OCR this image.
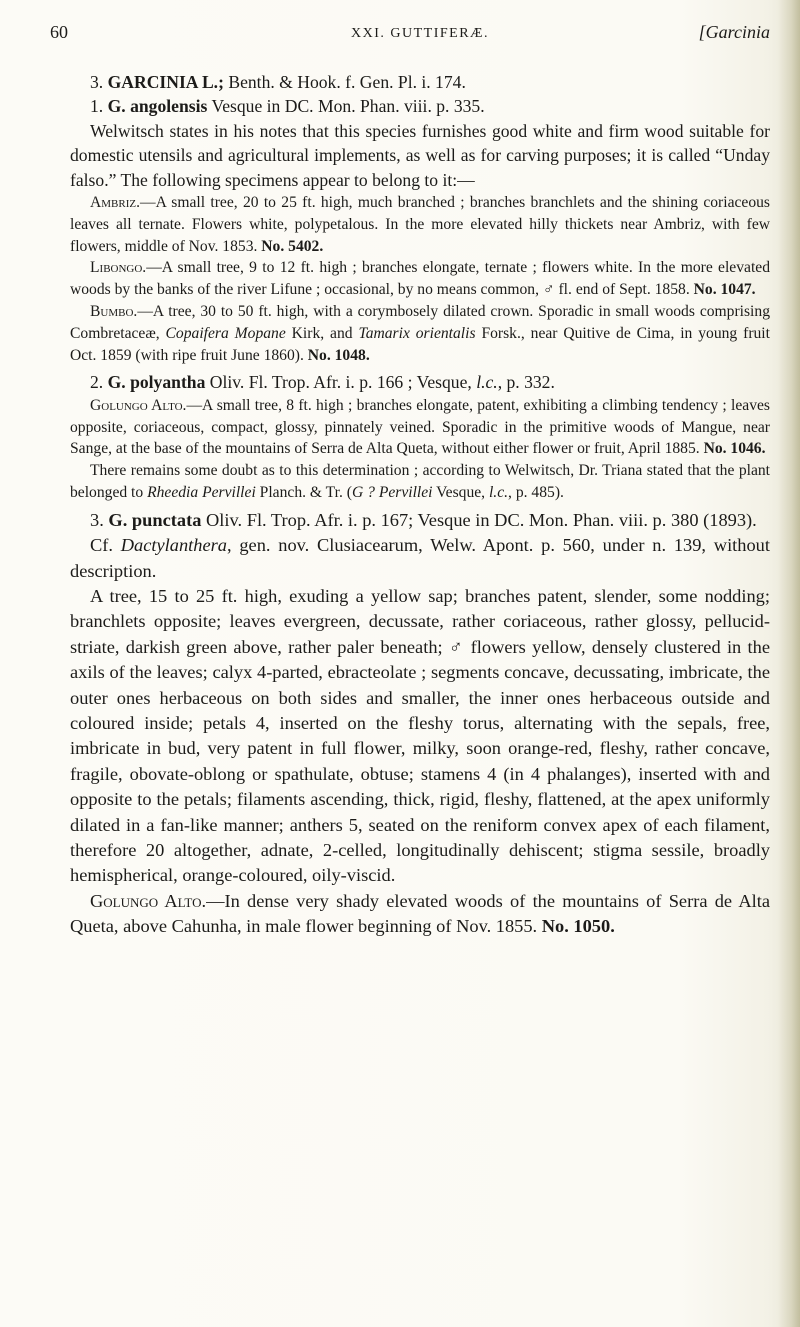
60	XXI. GUTTIFERÆ.	[Garcinia

3. GARCINIA L.; Benth. & Hook. f. Gen. Pl. i. 174.

1. G. angolensis Vesque in DC. Mon. Phan. viii. p. 335.

Welwitsch states in his notes that this species furnishes good white and firm wood suitable for domestic utensils and agricultural implements, as well as for carving purposes; it is called “Unday falso.” The following specimens appear to belong to it:—

Ambriz.—A small tree, 20 to 25 ft. high, much branched ; branches branchlets and the shining coriaceous leaves all ternate. Flowers white, polypetalous. In the more elevated hilly thickets near Ambriz, with few flowers, middle of Nov. 1853. No. 5402.

Libongo.—A small tree, 9 to 12 ft. high ; branches elongate, ternate ; flowers white. In the more elevated woods by the banks of the river Lifune ; occasional, by no means common, ♂ fl. end of Sept. 1858. No. 1047.

Bumbo.—A tree, 30 to 50 ft. high, with a corymbosely dilated crown. Sporadic in small woods comprising Combretaceæ, Copaifera Mopane Kirk, and Tamarix orientalis Forsk., near Quitive de Cima, in young fruit Oct. 1859 (with ripe fruit June 1860). No. 1048.

2. G. polyantha Oliv. Fl. Trop. Afr. i. p. 166 ; Vesque, l.c., p. 332.

Golungo Alto.—A small tree, 8 ft. high ; branches elongate, patent, exhibiting a climbing tendency ; leaves opposite, coriaceous, compact, glossy, pinnately veined. Sporadic in the primitive woods of Mangue, near Sange, at the base of the mountains of Serra de Alta Queta, without either flower or fruit, April 1885. No. 1046.

There remains some doubt as to this determination ; according to Welwitsch, Dr. Triana stated that the plant belonged to Rheedia Pervillei Planch. & Tr. (G ? Pervillei Vesque, l.c., p. 485).

3. G. punctata Oliv. Fl. Trop. Afr. i. p. 167; Vesque in DC. Mon. Phan. viii. p. 380 (1893).

Cf. Dactylanthera, gen. nov. Clusiacearum, Welw. Apont. p. 560, under n. 139, without description.

A tree, 15 to 25 ft. high, exuding a yellow sap; branches patent, slender, some nodding; branchlets opposite; leaves evergreen, decussate, rather coriaceous, rather glossy, pellucid-striate, darkish green above, rather paler beneath; ♂ flowers yellow, densely clustered in the axils of the leaves; calyx 4-parted, ebracteolate ; segments concave, decussating, imbricate, the outer ones herbaceous on both sides and smaller, the inner ones herbaceous outside and coloured inside; petals 4, inserted on the fleshy torus, alternating with the sepals, free, imbricate in bud, very patent in full flower, milky, soon orange-red, fleshy, rather concave, fragile, obovate-oblong or spathulate, obtuse; stamens 4 (in 4 phalanges), inserted with and opposite to the petals; filaments ascending, thick, rigid, fleshy, flattened, at the apex uniformly dilated in a fan-like manner; anthers 5, seated on the reniform convex apex of each filament, therefore 20 altogether, adnate, 2-celled, longitudinally dehiscent; stigma sessile, broadly hemispherical, orange-coloured, oily-viscid.

Golungo Alto.—In dense very shady elevated woods of the mountains of Serra de Alta Queta, above Cahunha, in male flower beginning of Nov. 1855. No. 1050.
